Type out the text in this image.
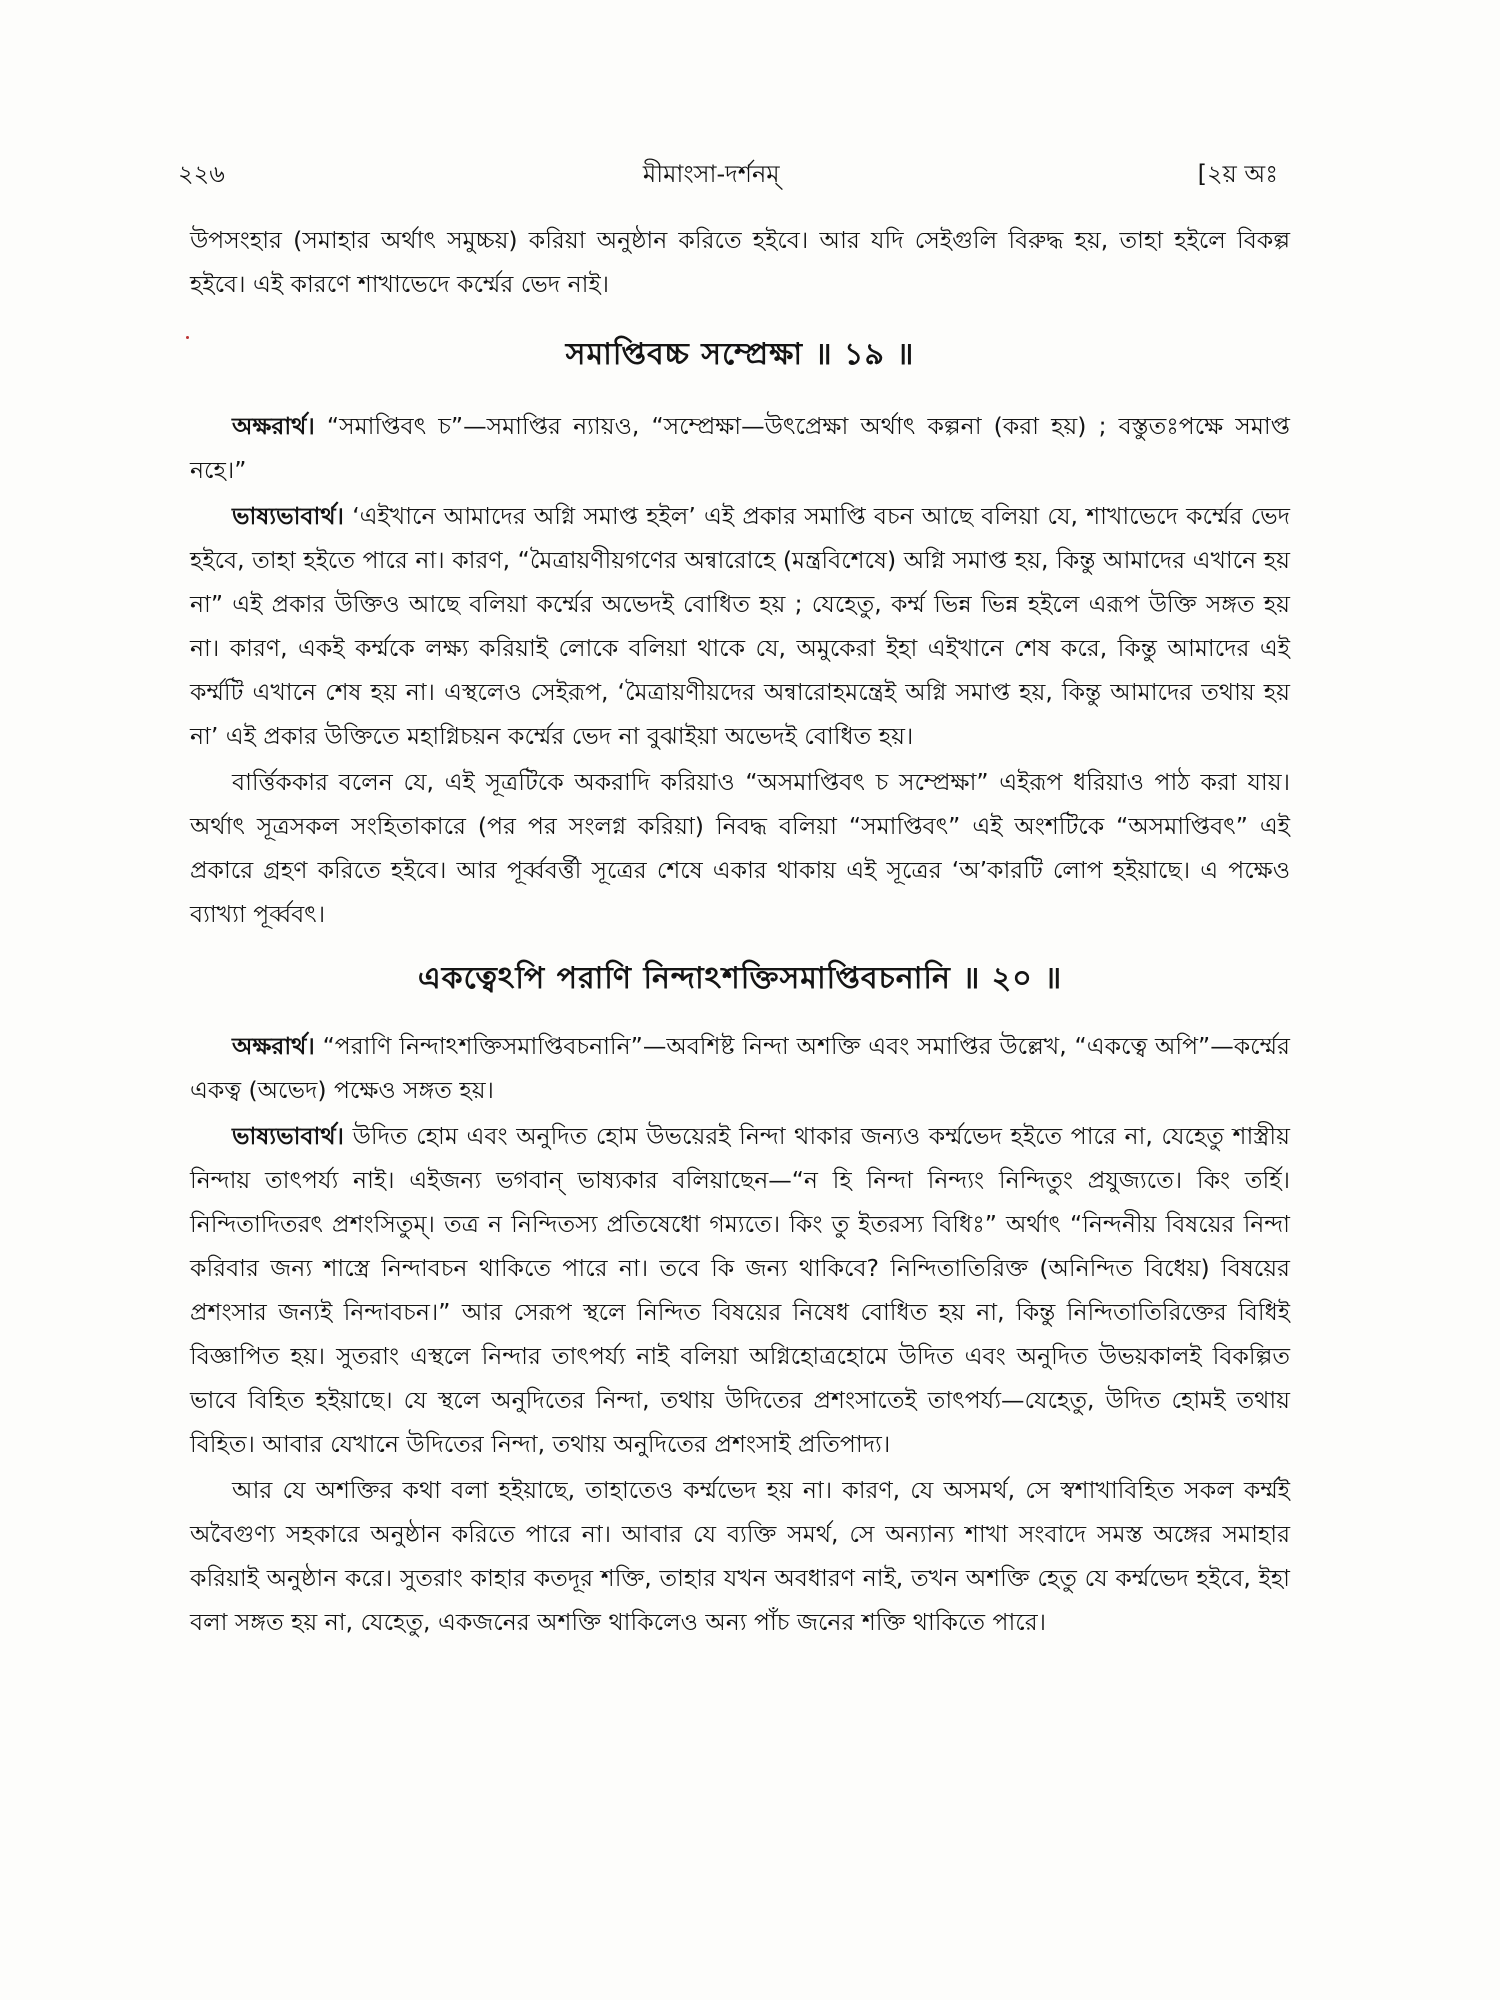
২২৬	মীমাংসা-দর্শনম্	[২য় অঃ

উপসংহার (সমাহার অর্থাৎ সমুচ্চয়) করিয়া অনুষ্ঠান করিতে হইবে। আর যদি সেইগুলি বিরুদ্ধ হয়, তাহা হইলে বিকল্প হইবে। এই কারণে শাখাভেদে কর্ম্মের ভেদ নাই।

সমাপ্তিবচ্চ সম্প্রেক্ষা ॥ ১৯ ॥

অক্ষরার্থ। “সমাপ্তিবৎ চ”—সমাপ্তির ন্যায়ও, “সম্প্রেক্ষা—উৎপ্রেক্ষা অর্থাৎ কল্পনা (করা হয়) ; বস্তুতঃপক্ষে সমাপ্ত নহে।”

ভাষ্যভাবার্থ। ‘এইখানে আমাদের অগ্নি সমাপ্ত হইল’ এই প্রকার সমাপ্তি বচন আছে বলিয়া যে, শাখাভেদে কর্ম্মের ভেদ হইবে, তাহা হইতে পারে না। কারণ, “মৈত্রায়ণীয়গণের অন্বারোহে (মন্ত্রবিশেষে) অগ্নি সমাপ্ত হয়, কিন্তু আমাদের এখানে হয় না” এই প্রকার উক্তিও আছে বলিয়া কর্ম্মের অভেদই বোধিত হয় ; যেহেতু, কর্ম্ম ভিন্ন ভিন্ন হইলে এরূপ উক্তি সঙ্গত হয় না। কারণ, একই কর্ম্মকে লক্ষ্য করিয়াই লোকে বলিয়া থাকে যে, অমুকেরা ইহা এইখানে শেষ করে, কিন্তু আমাদের এই কর্ম্মটি এখানে শেষ হয় না। এস্থলেও সেইরূপ, ‘মৈত্রায়ণীয়দের অন্বারোহমন্ত্রেই অগ্নি সমাপ্ত হয়, কিন্তু আমাদের তথায় হয় না’ এই প্রকার উক্তিতে মহাগ্নিচয়ন কর্ম্মের ভেদ না বুঝাইয়া অভেদই বোধিত হয়।

বার্ত্তিককার বলেন যে, এই সূত্রটিকে অকরাদি করিয়াও “অসমাপ্তিবৎ চ সম্প্রেক্ষা” এইরূপ ধরিয়াও পাঠ করা যায়। অর্থাৎ সূত্রসকল সংহিতাকারে (পর পর সংলগ্ন করিয়া) নিবদ্ধ বলিয়া “সমাপ্তিবৎ” এই অংশটিকে “অসমাপ্তিবৎ” এই প্রকারে গ্রহণ করিতে হইবে। আর পূর্ব্ববর্ত্তী সূত্রের শেষে একার থাকায় এই সূত্রের ‘অ’কারটি লোপ হইয়াছে। এ পক্ষেও ব্যাখ্যা পূর্ব্ববৎ।

একত্বেঽপি পরাণি নিন্দাঽশক্তিসমাপ্তিবচনানি ॥ ২০ ॥

অক্ষরার্থ। “পরাণি নিন্দাঽশক্তিসমাপ্তিবচনানি”—অবশিষ্ট নিন্দা অশক্তি এবং সমাপ্তির উল্লেখ, “একত্বে অপি”—কর্ম্মের একত্ব (অভেদ) পক্ষেও সঙ্গত হয়।

ভাষ্যভাবার্থ। উদিত হোম এবং অনুদিত হোম উভয়েরই নিন্দা থাকার জন্যও কর্ম্মভেদ হইতে পারে না, যেহেতু শাস্ত্রীয় নিন্দায় তাৎপর্য্য নাই। এইজন্য ভগবান্ ভাষ্যকার বলিয়াছেন—“ন হি নিন্দা নিন্দ্যং নিন্দিতুং প্রযুজ্যতে। কিং তর্হি। নিন্দিতাদিতরৎ প্রশংসিতুম্। তত্র ন নিন্দিতস্য প্রতিষেধো গম্যতে। কিং তু ইতরস্য বিধিঃ” অর্থাৎ “নিন্দনীয় বিষয়ের নিন্দা করিবার জন্য শাস্ত্রে নিন্দাবচন থাকিতে পারে না। তবে কি জন্য থাকিবে? নিন্দিতাতিরিক্ত (অনিন্দিত বিধেয়) বিষয়ের প্রশংসার জন্যই নিন্দাবচন।” আর সেরূপ স্থলে নিন্দিত বিষয়ের নিষেধ বোধিত হয় না, কিন্তু নিন্দিতাতিরিক্তের বিধিই বিজ্ঞাপিত হয়। সুতরাং এস্থলে নিন্দার তাৎপর্য্য নাই বলিয়া অগ্নিহোত্রহোমে উদিত এবং অনুদিত উভয়কালই বিকল্পিত ভাবে বিহিত হইয়াছে। যে স্থলে অনুদিতের নিন্দা, তথায় উদিতের প্রশংসাতেই তাৎপর্য্য—যেহেতু, উদিত হোমই তথায় বিহিত। আবার যেখানে উদিতের নিন্দা, তথায় অনুদিতের প্রশংসাই প্রতিপাদ্য।

আর যে অশক্তির কথা বলা হইয়াছে, তাহাতেও কর্ম্মভেদ হয় না। কারণ, যে অসমর্থ, সে স্বশাখাবিহিত সকল কর্ম্মই অবৈগুণ্য সহকারে অনুষ্ঠান করিতে পারে না। আবার যে ব্যক্তি সমর্থ, সে অন্যান্য শাখা সংবাদে সমস্ত অঙ্গের সমাহার করিয়াই অনুষ্ঠান করে। সুতরাং কাহার কতদূর শক্তি, তাহার যখন অবধারণ নাই, তখন অশক্তি হেতু যে কর্ম্মভেদ হইবে, ইহা বলা সঙ্গত হয় না, যেহেতু, একজনের অশক্তি থাকিলেও অন্য পাঁচ জনের শক্তি থাকিতে পারে।
